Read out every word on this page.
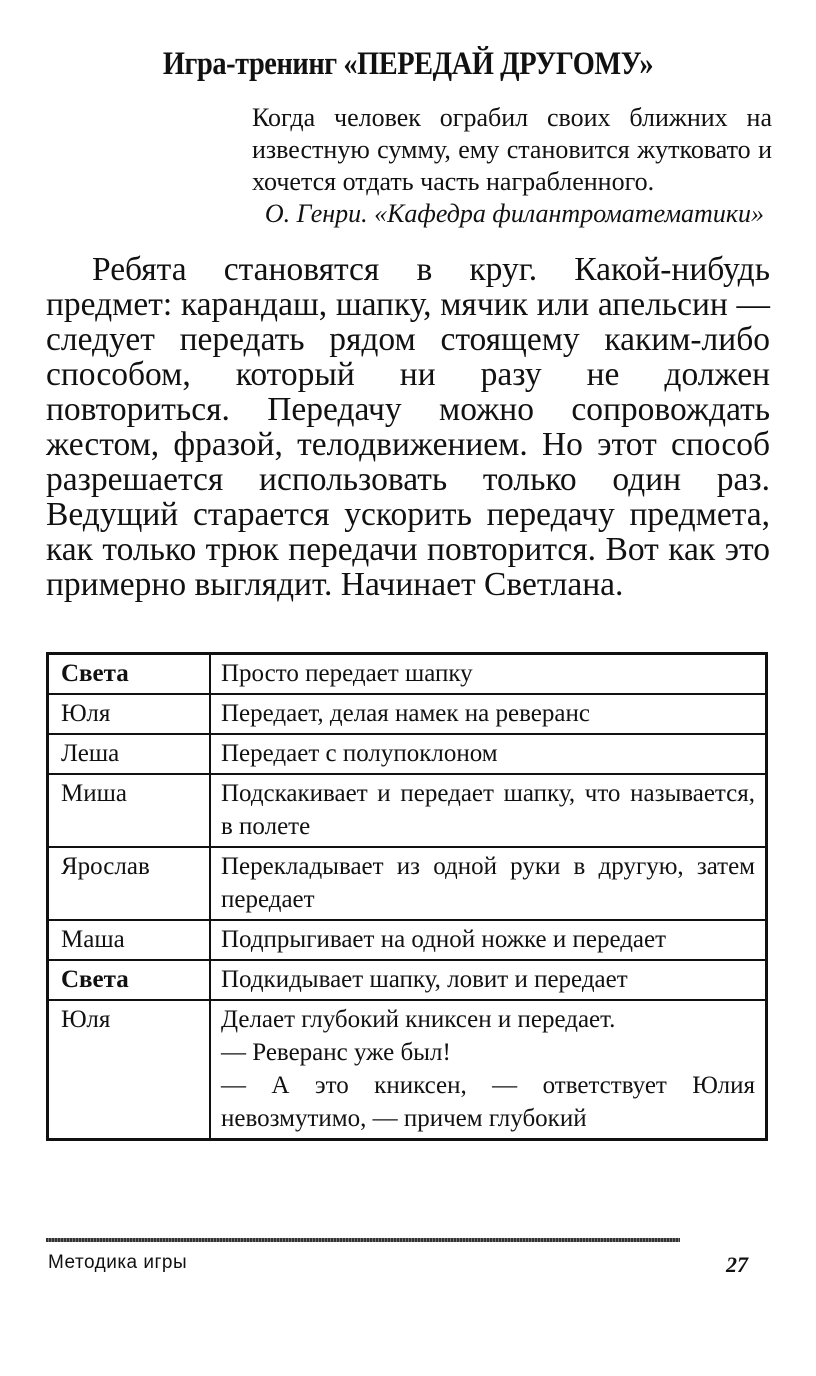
Игра-тренинг «ПЕРЕДАЙ ДРУГОМУ»
Когда человек ограбил своих ближних на известную сумму, ему становится жутковато и хочется отдать часть награбленного.
О. Генри. «Кафедра филантроматематики»
Ребята становятся в круг. Какой-нибудь предмет: карандаш, шапку, мячик или апельсин — следует передать рядом стоящему каким-либо способом, который ни разу не должен повториться. Передачу можно сопровождать жестом, фразой, телодвижением. Но этот способ разрешается использовать только один раз. Ведущий старается ускорить передачу предмета, как только трюк передачи повторится. Вот как это примерно выглядит. Начинает Светлана.
Света	Просто передает шапку
Юля	Передает, делая намек на реверанс
Леша	Передает с полупоклоном
Миша	Подскакивает и передает шапку, что называется, в полете
Ярослав	Перекладывает из одной руки в другую, затем передает
Маша	Подпрыгивает на одной ножке и передает
Света	Подкидывает шапку, ловит и передает
Юля	Делает глубокий книксен и передает.
— Реверанс уже был!
— А это книксен, — ответствует Юлия невозмутимо, — причем глубокий
Методика игры	27
